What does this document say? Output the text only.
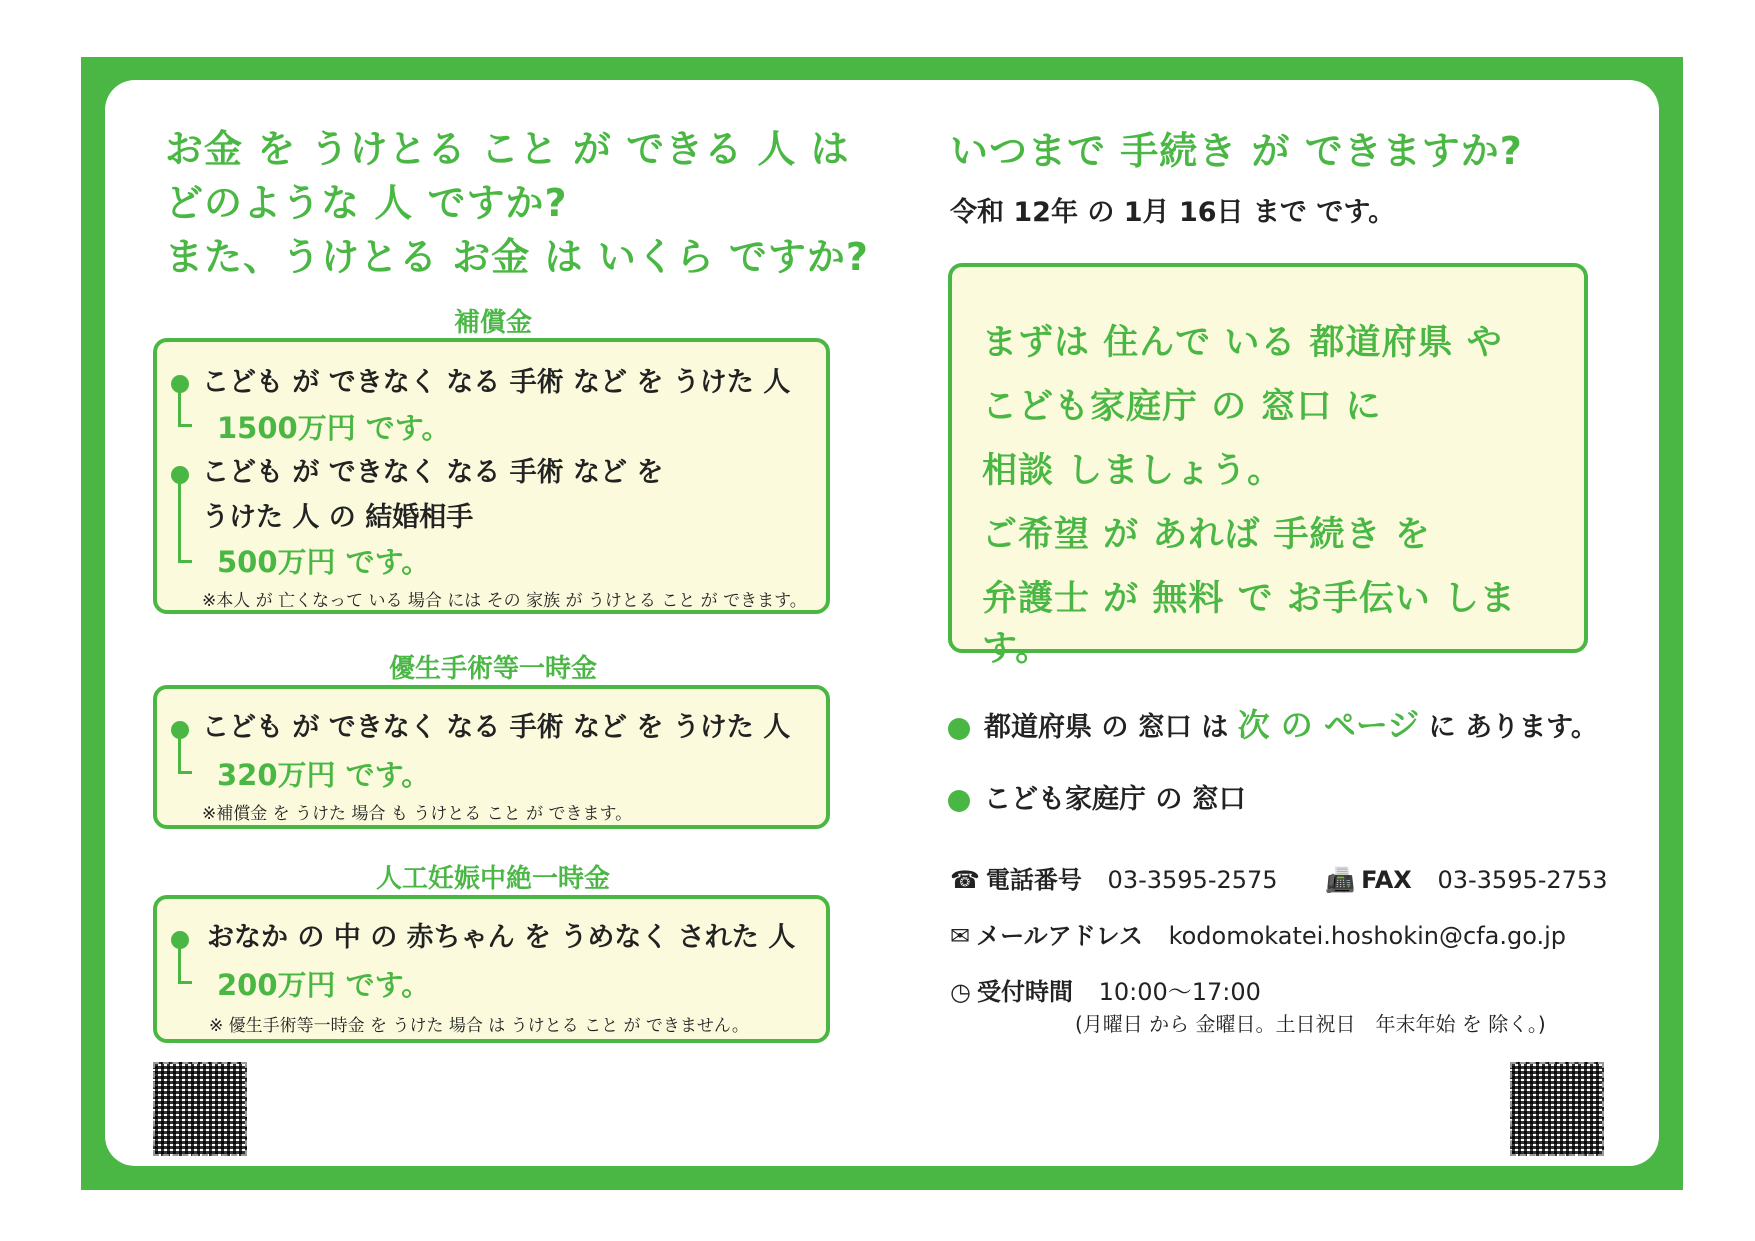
お金 を うけとる こと が できる 人 は
どのような 人 ですか?
また、うけとる お金 は いくら ですか?
補償金
こども が できなく なる 手術 など を うけた 人
1500万円 です。
こども が できなく なる 手術 など を
うけた 人 の 結婚相手
500万円 です。
※本人 が 亡くなって いる 場合 には その 家族 が うけとる こと が できます。
優生手術等一時金
こども が できなく なる 手術 など を うけた 人
320万円 です。
※補償金 を うけた 場合 も うけとる こと が できます。
人工妊娠中絶一時金
おなか の 中 の 赤ちゃん を うめなく された 人
200万円 です。
※ 優生手術等一時金 を うけた 場合 は うけとる こと が できません。
いつまで 手続き が できますか?
令和 12年 の 1月 16日 まで です。
まずは 住んで いる 都道府県 や
こども家庭庁 の 窓口 に
相談 しましょう。
ご希望 が あれば 手続き を
弁護士 が 無料 で お手伝い します。
都道府県 の 窓口 は 次 の ページ に あります。
こども家庭庁 の 窓口
☎ 電話番号 03-3595-2575 📠 FAX 03-3595-2753
✉ メールアドレス kodomokatei.hoshokin@cfa.go.jp
◷ 受付時間 10:00〜17:00
(月曜日 から 金曜日。土日祝日　年末年始 を 除く。)
